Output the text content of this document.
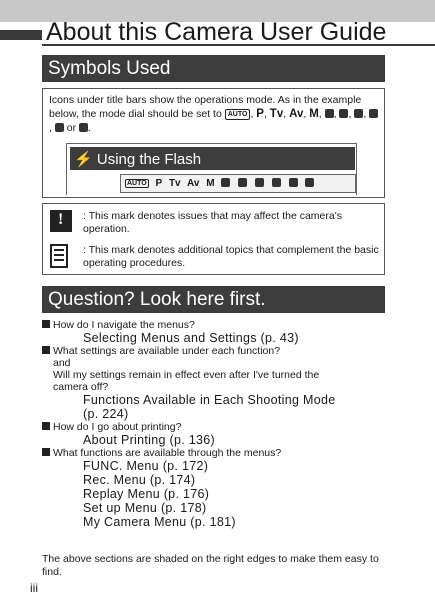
About this Camera User Guide
Symbols Used
Icons under title bars show the operations mode. As in the example below, the mode dial should be set to AUTO , P, Tv, Av, M, , , , ,  or .
⚡ Using the Flash
AUTO P Tv Av M
!
: This mark denotes issues that may affect the camera's operation.
: This mark denotes additional topics that complement the basic operating procedures.
Question? Look here first.
How do I navigate the menus?
Selecting Menus and Settings (p. 43)
What settings are available under each function?
and
Will my settings remain in effect even after I've turned the
camera off?
Functions Available in Each Shooting Mode
(p. 224)
How do I go about printing?
About Printing (p. 136)
What functions are available through the menus?
FUNC. Menu (p. 172)
Rec. Menu (p. 174)
Replay Menu (p. 176)
Set up Menu (p. 178)
My Camera Menu (p. 181)
The above sections are shaded on the right edges to make them easy to find.
iii
